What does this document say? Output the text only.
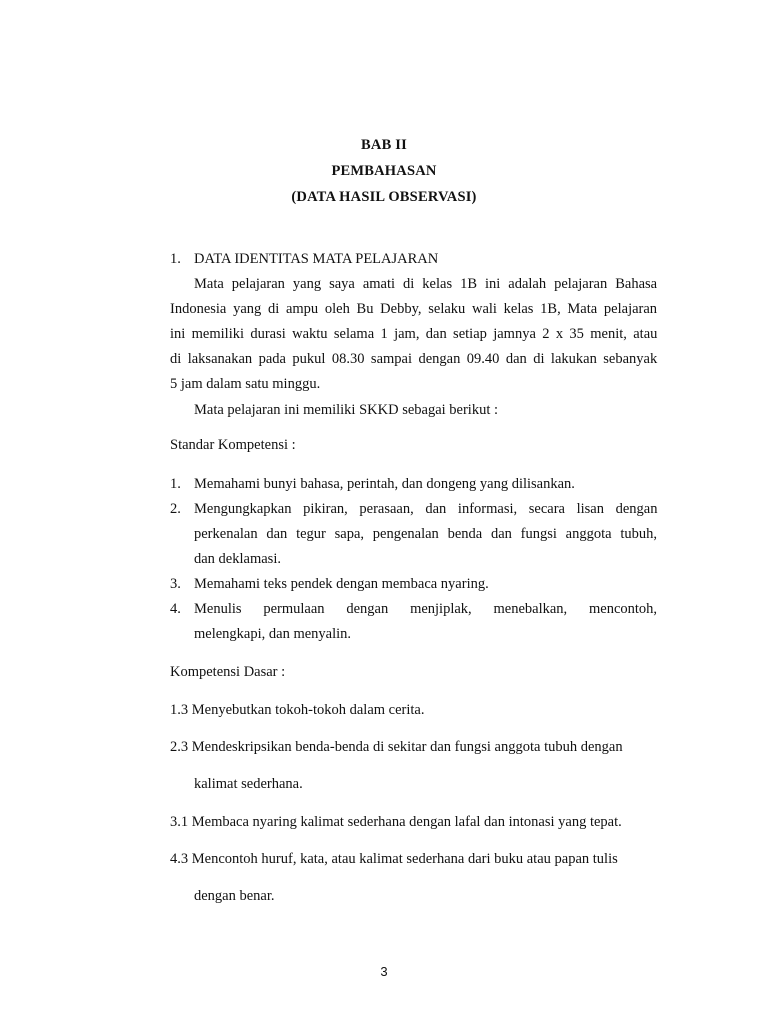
BAB II
PEMBAHASAN
(DATA HASIL OBSERVASI)
1. DATA IDENTITAS MATA PELAJARAN
Mata pelajaran yang saya amati di kelas 1B ini adalah pelajaran Bahasa
Indonesia yang di ampu oleh Bu Debby, selaku wali kelas 1B, Mata pelajaran
ini memiliki durasi waktu selama 1 jam, dan setiap jamnya 2 x 35 menit, atau
di laksanakan pada pukul 08.30 sampai dengan 09.40 dan di lakukan sebanyak
5 jam dalam satu minggu.
Mata pelajaran ini memiliki SKKD sebagai berikut :
Standar Kompetensi :
1. Memahami bunyi bahasa, perintah, dan dongeng yang dilisankan.
2. Mengungkapkan pikiran, perasaan, dan informasi, secara lisan dengan
perkenalan dan tegur sapa, pengenalan benda dan fungsi anggota tubuh,
dan deklamasi.
3. Memahami teks pendek dengan membaca nyaring.
4. Menulis permulaan dengan menjiplak, menebalkan, mencontoh,
melengkapi, dan menyalin.
Kompetensi Dasar :
1.3 Menyebutkan tokoh-tokoh dalam cerita.
2.3 Mendeskripsikan benda-benda di sekitar dan fungsi anggota tubuh dengan
kalimat sederhana.
3.1 Membaca nyaring kalimat sederhana dengan lafal dan intonasi yang tepat.
4.3 Mencontoh huruf, kata, atau kalimat sederhana dari buku atau papan tulis
dengan benar.
3
